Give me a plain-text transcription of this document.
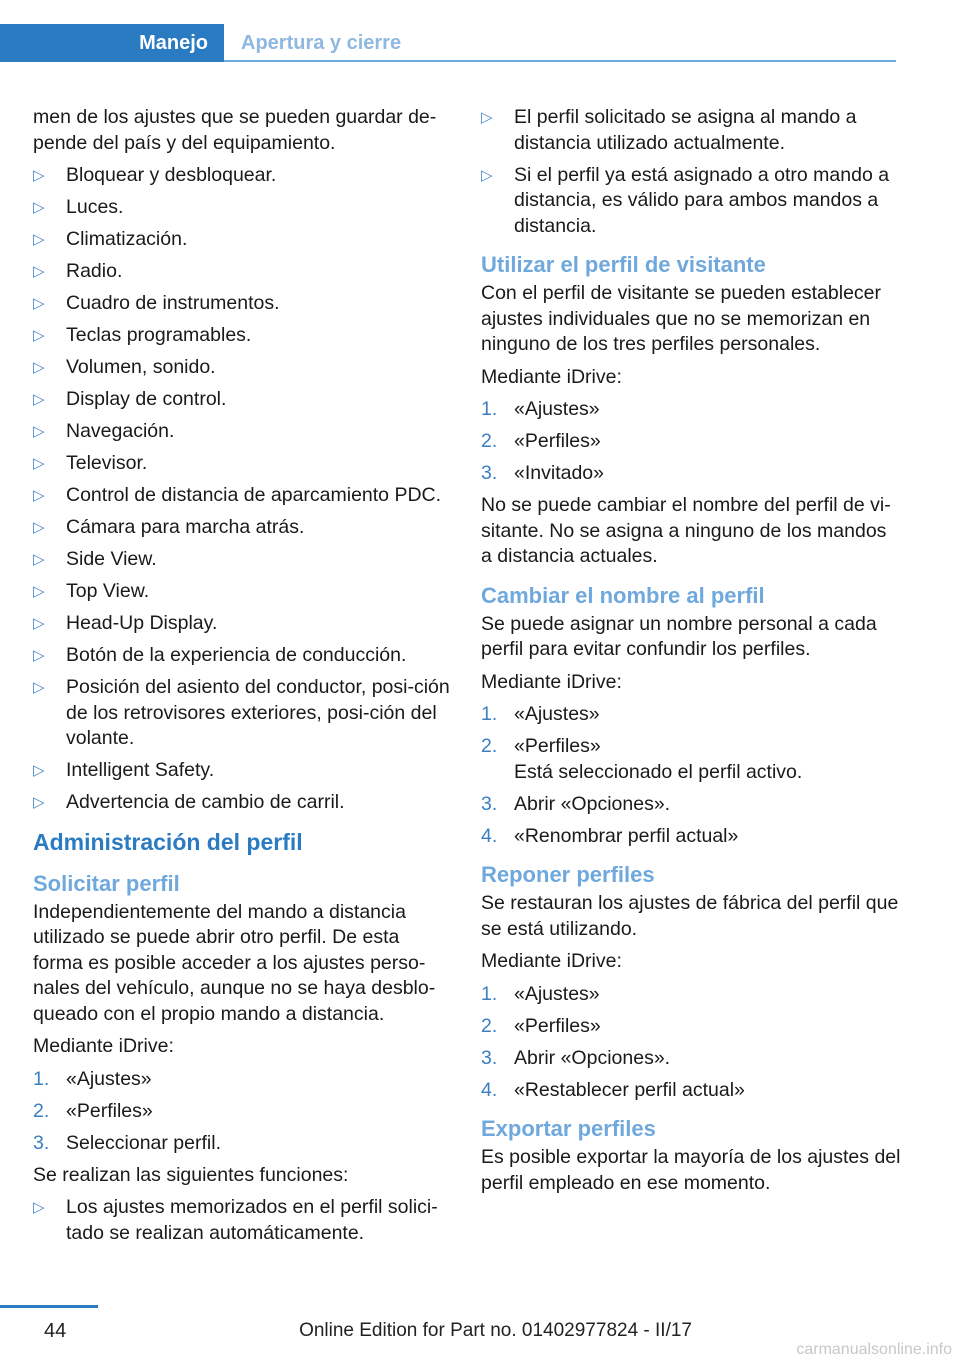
Manejo	Apertura y cierre

men de los ajustes que se pueden guardar de-pende del país y del equipamiento.

▷ Bloquear y desbloquear.
▷ Luces.
▷ Climatización.
▷ Radio.
▷ Cuadro de instrumentos.
▷ Teclas programables.
▷ Volumen, sonido.
▷ Display de control.
▷ Navegación.
▷ Televisor.
▷ Control de distancia de aparcamiento PDC.
▷ Cámara para marcha atrás.
▷ Side View.
▷ Top View.
▷ Head-Up Display.
▷ Botón de la experiencia de conducción.
▷ Posición del asiento del conductor, posi-ción de los retrovisores exteriores, posi-ción del volante.
▷ Intelligent Safety.
▷ Advertencia de cambio de carril.
Administración del perfil
Solicitar perfil

Independientemente del mando a distancia utilizado se puede abrir otro perfil. De esta forma es posible acceder a los ajustes perso-nales del vehículo, aunque no se haya desblo-queado con el propio mando a distancia.

Mediante iDrive:

1. «Ajustes»
2. «Perfiles»
3. Seleccionar perfil.

Se realizan las siguientes funciones:

▷ Los ajustes memorizados en el perfil solici-tado se realizan automáticamente.
▷ El perfil solicitado se asigna al mando a distancia utilizado actualmente.
▷ Si el perfil ya está asignado a otro mando a distancia, es válido para ambos mandos a distancia.
Utilizar el perfil de visitante

Con el perfil de visitante se pueden establecer ajustes individuales que no se memorizan en ninguno de los tres perfiles personales.

Mediante iDrive:

1. «Ajustes»
2. «Perfiles»
3. «Invitado»

No se puede cambiar el nombre del perfil de vi-sitante. No se asigna a ninguno de los mandos a distancia actuales.

Cambiar el nombre al perfil

Se puede asignar un nombre personal a cada perfil para evitar confundir los perfiles.

Mediante iDrive:

1. «Ajustes»
2. «Perfiles»
Está seleccionado el perfil activo.
3. Abrir «Opciones».
4. «Renombrar perfil actual»
Reponer perfiles

Se restauran los ajustes de fábrica del perfil que se está utilizando.

Mediante iDrive:

1. «Ajustes»
2. «Perfiles»
3. Abrir «Opciones».
4. «Restablecer perfil actual»
Exportar perfiles

Es posible exportar la mayoría de los ajustes del perfil empleado en ese momento.

44	Online Edition for Part no. 01402977824 - II/17
carmanualsonline.info
